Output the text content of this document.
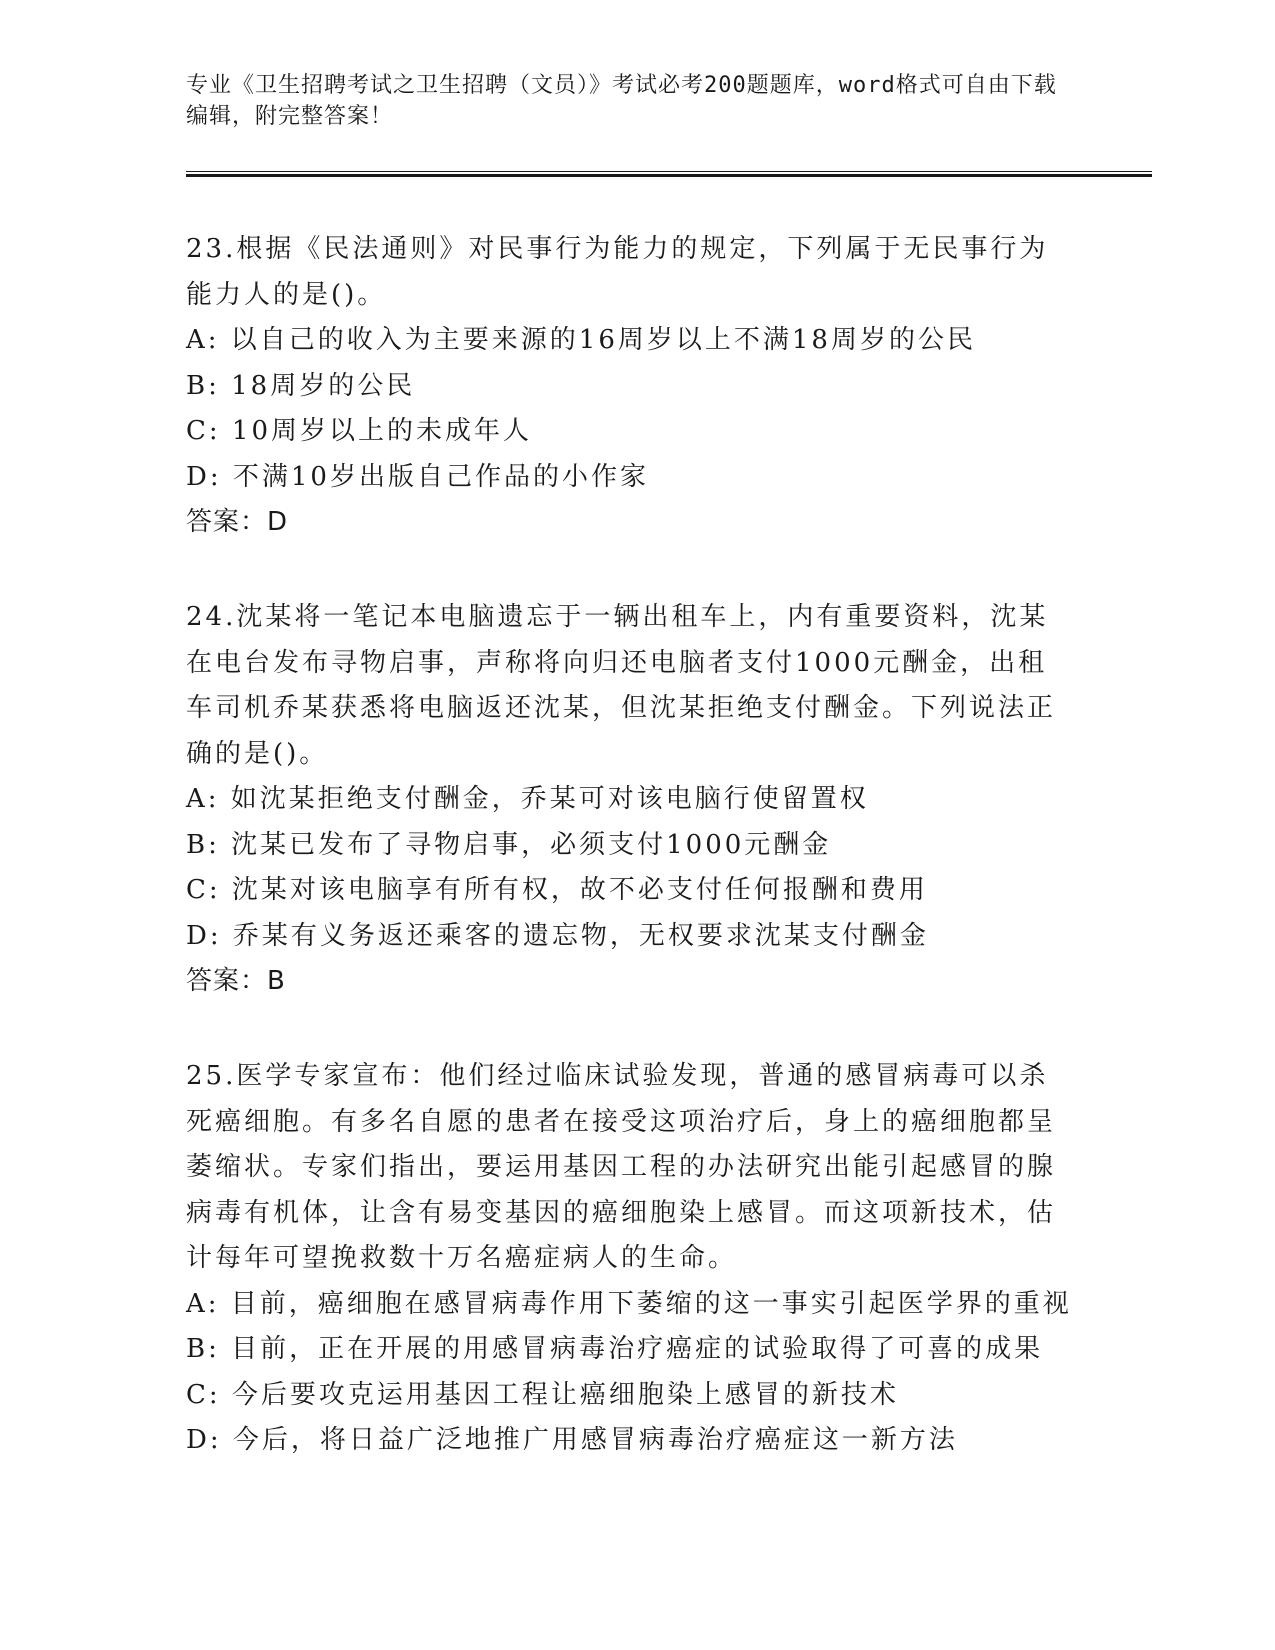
专业《卫生招聘考试之卫生招聘（文员）》考试必考200题题库，word格式可自由下载编辑，附完整答案！

23.根据《民法通则》对民事行为能力的规定，下列属于无民事行为能力人的是()。

A: 以自己的收入为主要来源的16周岁以上不满18周岁的公民

B: 18周岁的公民

C: 10周岁以上的未成年人

D: 不满10岁出版自己作品的小作家

答案：D

24.沈某将一笔记本电脑遗忘于一辆出租车上，内有重要资料，沈某在电台发布寻物启事，声称将向归还电脑者支付1000元酬金，出租车司机乔某获悉将电脑返还沈某，但沈某拒绝支付酬金。下列说法正确的是()。

A: 如沈某拒绝支付酬金，乔某可对该电脑行使留置权

B: 沈某已发布了寻物启事，必须支付1000元酬金

C: 沈某对该电脑享有所有权，故不必支付任何报酬和费用

D: 乔某有义务返还乘客的遗忘物，无权要求沈某支付酬金

答案：B

25.医学专家宣布：他们经过临床试验发现，普通的感冒病毒可以杀死癌细胞。有多名自愿的患者在接受这项治疗后，身上的癌细胞都呈萎缩状。专家们指出，要运用基因工程的办法研究出能引起感冒的腺病毒有机体，让含有易变基因的癌细胞染上感冒。而这项新技术，估计每年可望挽救数十万名癌症病人的生命。

A: 目前，癌细胞在感冒病毒作用下萎缩的这一事实引起医学界的重视

B: 目前，正在开展的用感冒病毒治疗癌症的试验取得了可喜的成果

C: 今后要攻克运用基因工程让癌细胞染上感冒的新技术

D: 今后，将日益广泛地推广用感冒病毒治疗癌症这一新方法
